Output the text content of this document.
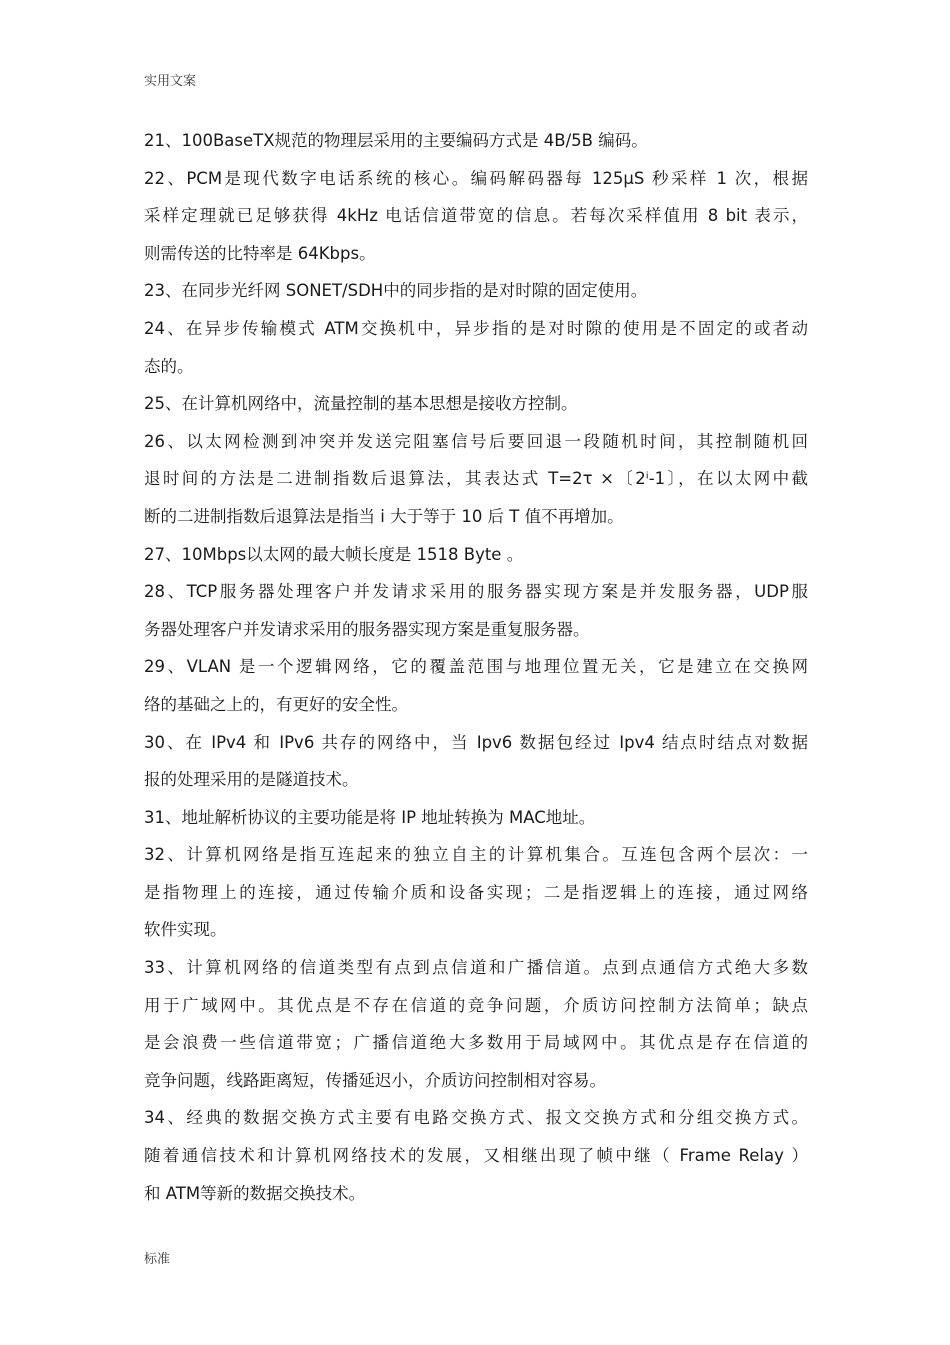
实用文案
21、100BaseTX规范的物理层采用的主要编码方式是 4B/5B 编码。
22、PCM是现代数字电话系统的核心。编码解码器每 125μS 秒采样 1 次，根据
采样定理就已足够获得 4kHz 电话信道带宽的信息。若每次采样值用 8 bit 表示，
则需传送的比特率是 64Kbps。
23、在同步光纤网 SONET/SDH中的同步指的是对时隙的固定使用。
24、在异步传输模式 ATM交换机中，异步指的是对时隙的使用是不固定的或者动
态的。
25、在计算机网络中，流量控制的基本思想是接收方控制。
26、以太网检测到冲突并发送完阻塞信号后要回退一段随机时间，其控制随机回
退时间的方法是二进制指数后退算法，其表达式 T=2τ ×〔2ⁱ-1〕，在以太网中截
断的二进制指数后退算法是指当 i 大于等于 10 后 T 值不再增加。
27、10Mbps以太网的最大帧长度是 1518 Byte 。
28、TCP服务器处理客户并发请求采用的服务器实现方案是并发服务器，UDP服
务器处理客户并发请求采用的服务器实现方案是重复服务器。
29、VLAN 是一个逻辑网络，它的覆盖范围与地理位置无关，它是建立在交换网
络的基础之上的，有更好的安全性。
30、在 IPv4 和 IPv6 共存的网络中，当 Ipv6 数据包经过 Ipv4 结点时结点对数据
报的处理采用的是隧道技术。
31、地址解析协议的主要功能是将 IP 地址转换为 MAC地址。
32、计算机网络是指互连起来的独立自主的计算机集合。互连包含两个层次：一
是指物理上的连接，通过传输介质和设备实现；二是指逻辑上的连接，通过网络
软件实现。
33、计算机网络的信道类型有点到点信道和广播信道。点到点通信方式绝大多数
用于广域网中。其优点是不存在信道的竞争问题，介质访问控制方法简单；缺点
是会浪费一些信道带宽；广播信道绝大多数用于局域网中。其优点是存在信道的
竞争问题，线路距离短，传播延迟小，介质访问控制相对容易。
34、经典的数据交换方式主要有电路交换方式、报文交换方式和分组交换方式。
随着通信技术和计算机网络技术的发展，又相继出现了帧中继（ Frame Relay ）
和 ATM等新的数据交换技术。
标准
